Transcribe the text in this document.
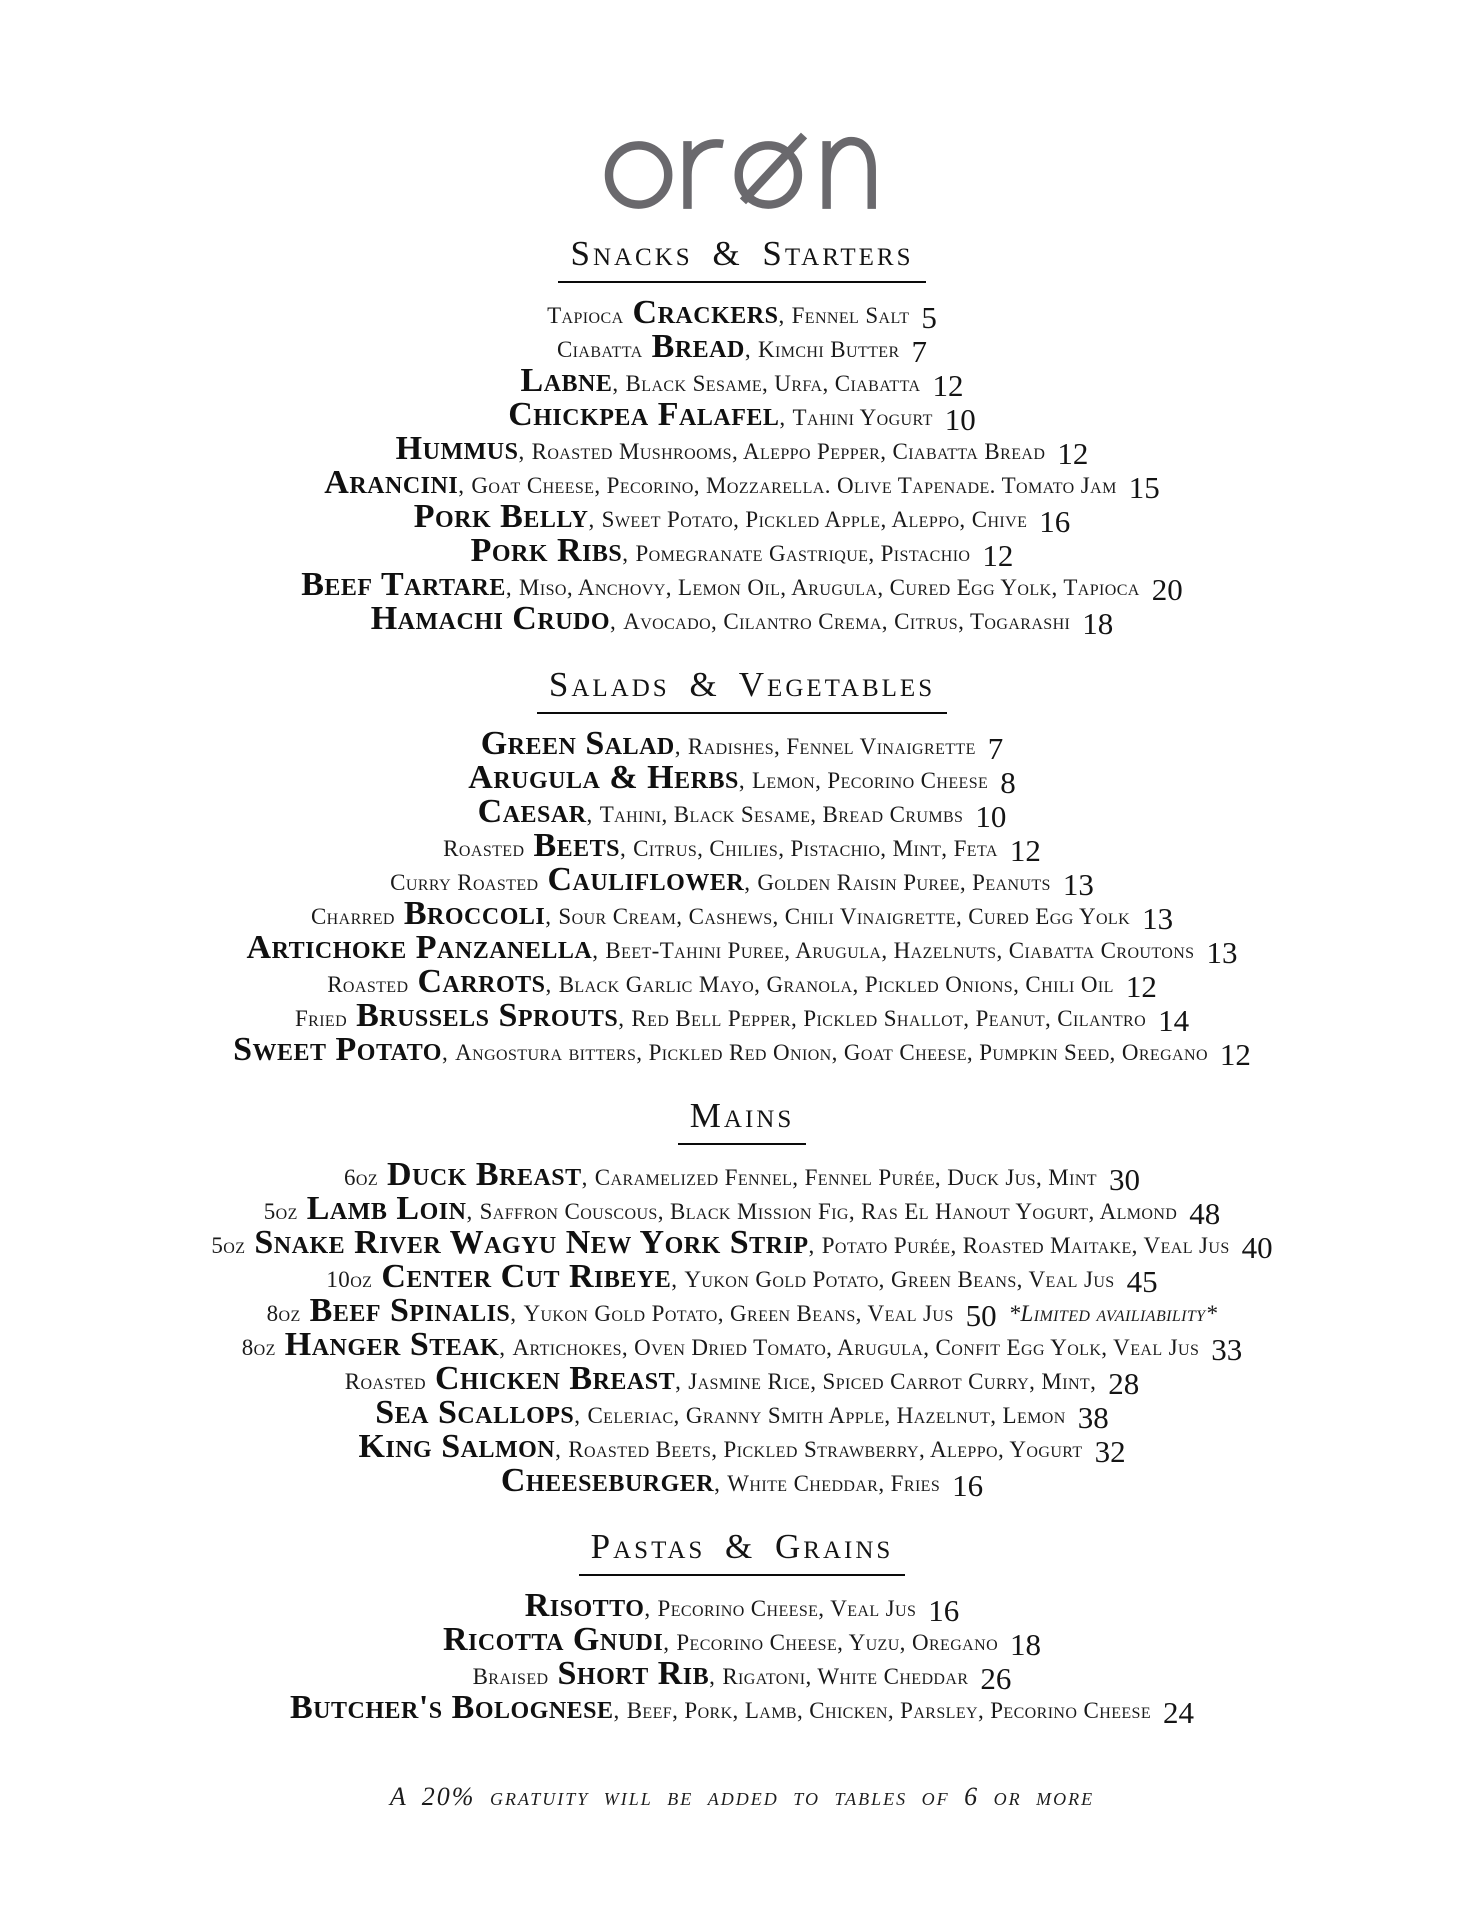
Snacks & Starters
Tapioca Crackers, Fennel Salt 5
Ciabatta Bread, Kimchi Butter 7
Labne, Black Sesame, Urfa, Ciabatta 12
Chickpea Falafel, Tahini Yogurt 10
Hummus, Roasted Mushrooms, Aleppo Pepper, Ciabatta Bread 12
Arancini, Goat Cheese, Pecorino, Mozzarella. Olive Tapenade. Tomato Jam 15
Pork Belly, Sweet Potato, Pickled Apple, Aleppo, Chive 16
Pork Ribs, Pomegranate Gastrique, Pistachio 12
Beef Tartare, Miso, Anchovy, Lemon Oil, Arugula, Cured Egg Yolk, Tapioca 20
Hamachi Crudo, Avocado, Cilantro Crema, Citrus, Togarashi 18
Salads & Vegetables
Green Salad, Radishes, Fennel Vinaigrette 7
Arugula & Herbs, Lemon, Pecorino Cheese 8
Caesar, Tahini, Black Sesame, Bread Crumbs 10
Roasted Beets, Citrus, Chilies, Pistachio, Mint, Feta 12
Curry Roasted Cauliflower, Golden Raisin Puree, Peanuts 13
Charred Broccoli, Sour Cream, Cashews, Chili Vinaigrette, Cured Egg Yolk 13
Artichoke Panzanella, Beet-Tahini Puree, Arugula, Hazelnuts, Ciabatta Croutons 13
Roasted Carrots, Black Garlic Mayo, Granola, Pickled Onions, Chili Oil 12
Fried Brussels Sprouts, Red Bell Pepper, Pickled Shallot, Peanut, Cilantro 14
Sweet Potato, Angostura bitters, Pickled Red Onion, Goat Cheese, Pumpkin Seed, Oregano 12
Mains
6oz Duck Breast, Caramelized Fennel, Fennel Purée, Duck Jus, Mint 30
5oz Lamb Loin, Saffron Couscous, Black Mission Fig, Ras El Hanout Yogurt, Almond 48
5oz Snake River Wagyu New York Strip, Potato Purée, Roasted Maitake, Veal Jus 40
10oz Center Cut Ribeye, Yukon Gold Potato, Green Beans, Veal Jus 45
8oz Beef Spinalis, Yukon Gold Potato, Green Beans, Veal Jus 50 *Limited availiability*
8oz Hanger Steak, Artichokes, Oven Dried Tomato, Arugula, Confit Egg Yolk, Veal Jus 33
Roasted Chicken Breast, Jasmine Rice, Spiced Carrot Curry, Mint, 28
Sea Scallops, Celeriac, Granny Smith Apple, Hazelnut, Lemon 38
King Salmon, Roasted Beets, Pickled Strawberry, Aleppo, Yogurt 32
Cheeseburger, White Cheddar, Fries 16
Pastas & Grains
Risotto, Pecorino Cheese, Veal Jus 16
Ricotta Gnudi, Pecorino Cheese, Yuzu, Oregano 18
Braised Short Rib, Rigatoni, White Cheddar 26
Butcher's Bolognese, Beef, Pork, Lamb, Chicken, Parsley, Pecorino Cheese 24
A 20% gratuity will be added to tables of 6 or more
